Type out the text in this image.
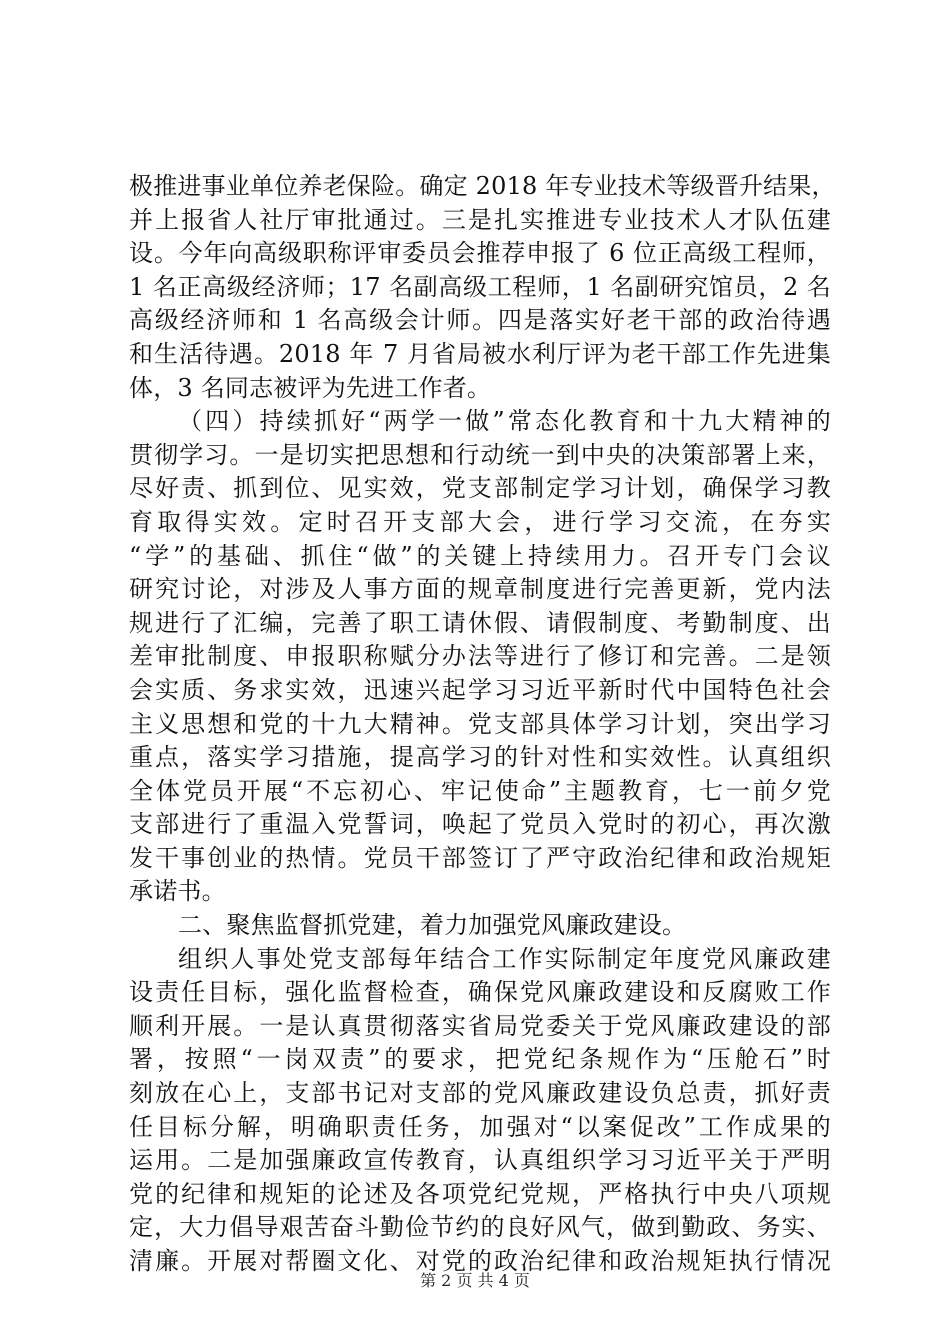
极推进事业单位养老保险。确定 2018 年专业技术等级晋升结果，
并上报省人社厅审批通过。三是扎实推进专业技术人才队伍建
设。今年向高级职称评审委员会推荐申报了 6 位正高级工程师，
1 名正高级经济师；17 名副高级工程师，1 名副研究馆员，2 名
高级经济师和 1 名高级会计师。四是落实好老干部的政治待遇
和生活待遇。2018 年 7 月省局被水利厅评为老干部工作先进集
体，3 名同志被评为先进工作者。
（四）持续抓好“两学一做”常态化教育和十九大精神的
贯彻学习。一是切实把思想和行动统一到中央的决策部署上来，
尽好责、抓到位、见实效，党支部制定学习计划，确保学习教
育取得实效。定时召开支部大会，进行学习交流，在夯实
“学”的基础、抓住“做”的关键上持续用力。召开专门会议
研究讨论，对涉及人事方面的规章制度进行完善更新，党内法
规进行了汇编，完善了职工请休假、请假制度、考勤制度、出
差审批制度、申报职称赋分办法等进行了修订和完善。二是领
会实质、务求实效，迅速兴起学习习近平新时代中国特色社会
主义思想和党的十九大精神。党支部具体学习计划，突出学习
重点，落实学习措施，提高学习的针对性和实效性。认真组织
全体党员开展“不忘初心、牢记使命”主题教育，七一前夕党
支部进行了重温入党誓词，唤起了党员入党时的初心，再次激
发干事创业的热情。党员干部签订了严守政治纪律和政治规矩
承诺书。
二、聚焦监督抓党建，着力加强党风廉政建设。
组织人事处党支部每年结合工作实际制定年度党风廉政建
设责任目标，强化监督检查，确保党风廉政建设和反腐败工作
顺利开展。一是认真贯彻落实省局党委关于党风廉政建设的部
署，按照“一岗双责”的要求，把党纪条规作为“压舱石”时
刻放在心上，支部书记对支部的党风廉政建设负总责，抓好责
任目标分解，明确职责任务，加强对“以案促改”工作成果的
运用。二是加强廉政宣传教育，认真组织学习习近平关于严明
党的纪律和规矩的论述及各项党纪党规，严格执行中央八项规
定，大力倡导艰苦奋斗勤俭节约的良好风气，做到勤政、务实、
清廉。开展对帮圈文化、对党的政治纪律和政治规矩执行情况
第 2 页 共 4 页
